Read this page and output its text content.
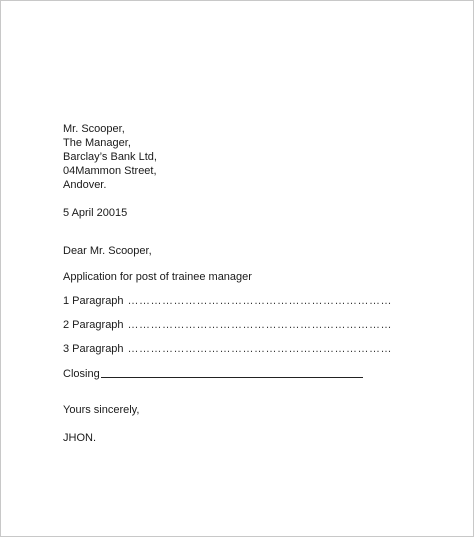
Mr. Scooper,
The Manager,
Barclay’s Bank Ltd,
04Mammon Street,
Andover.
5 April 20015
Dear Mr. Scooper,
Application for post of trainee manager
1 Paragraph ……………………………………………………………
2 Paragraph ……………………………………………………………
3 Paragraph ……………………………………………………………
Closing
Yours sincerely,
JHON.
